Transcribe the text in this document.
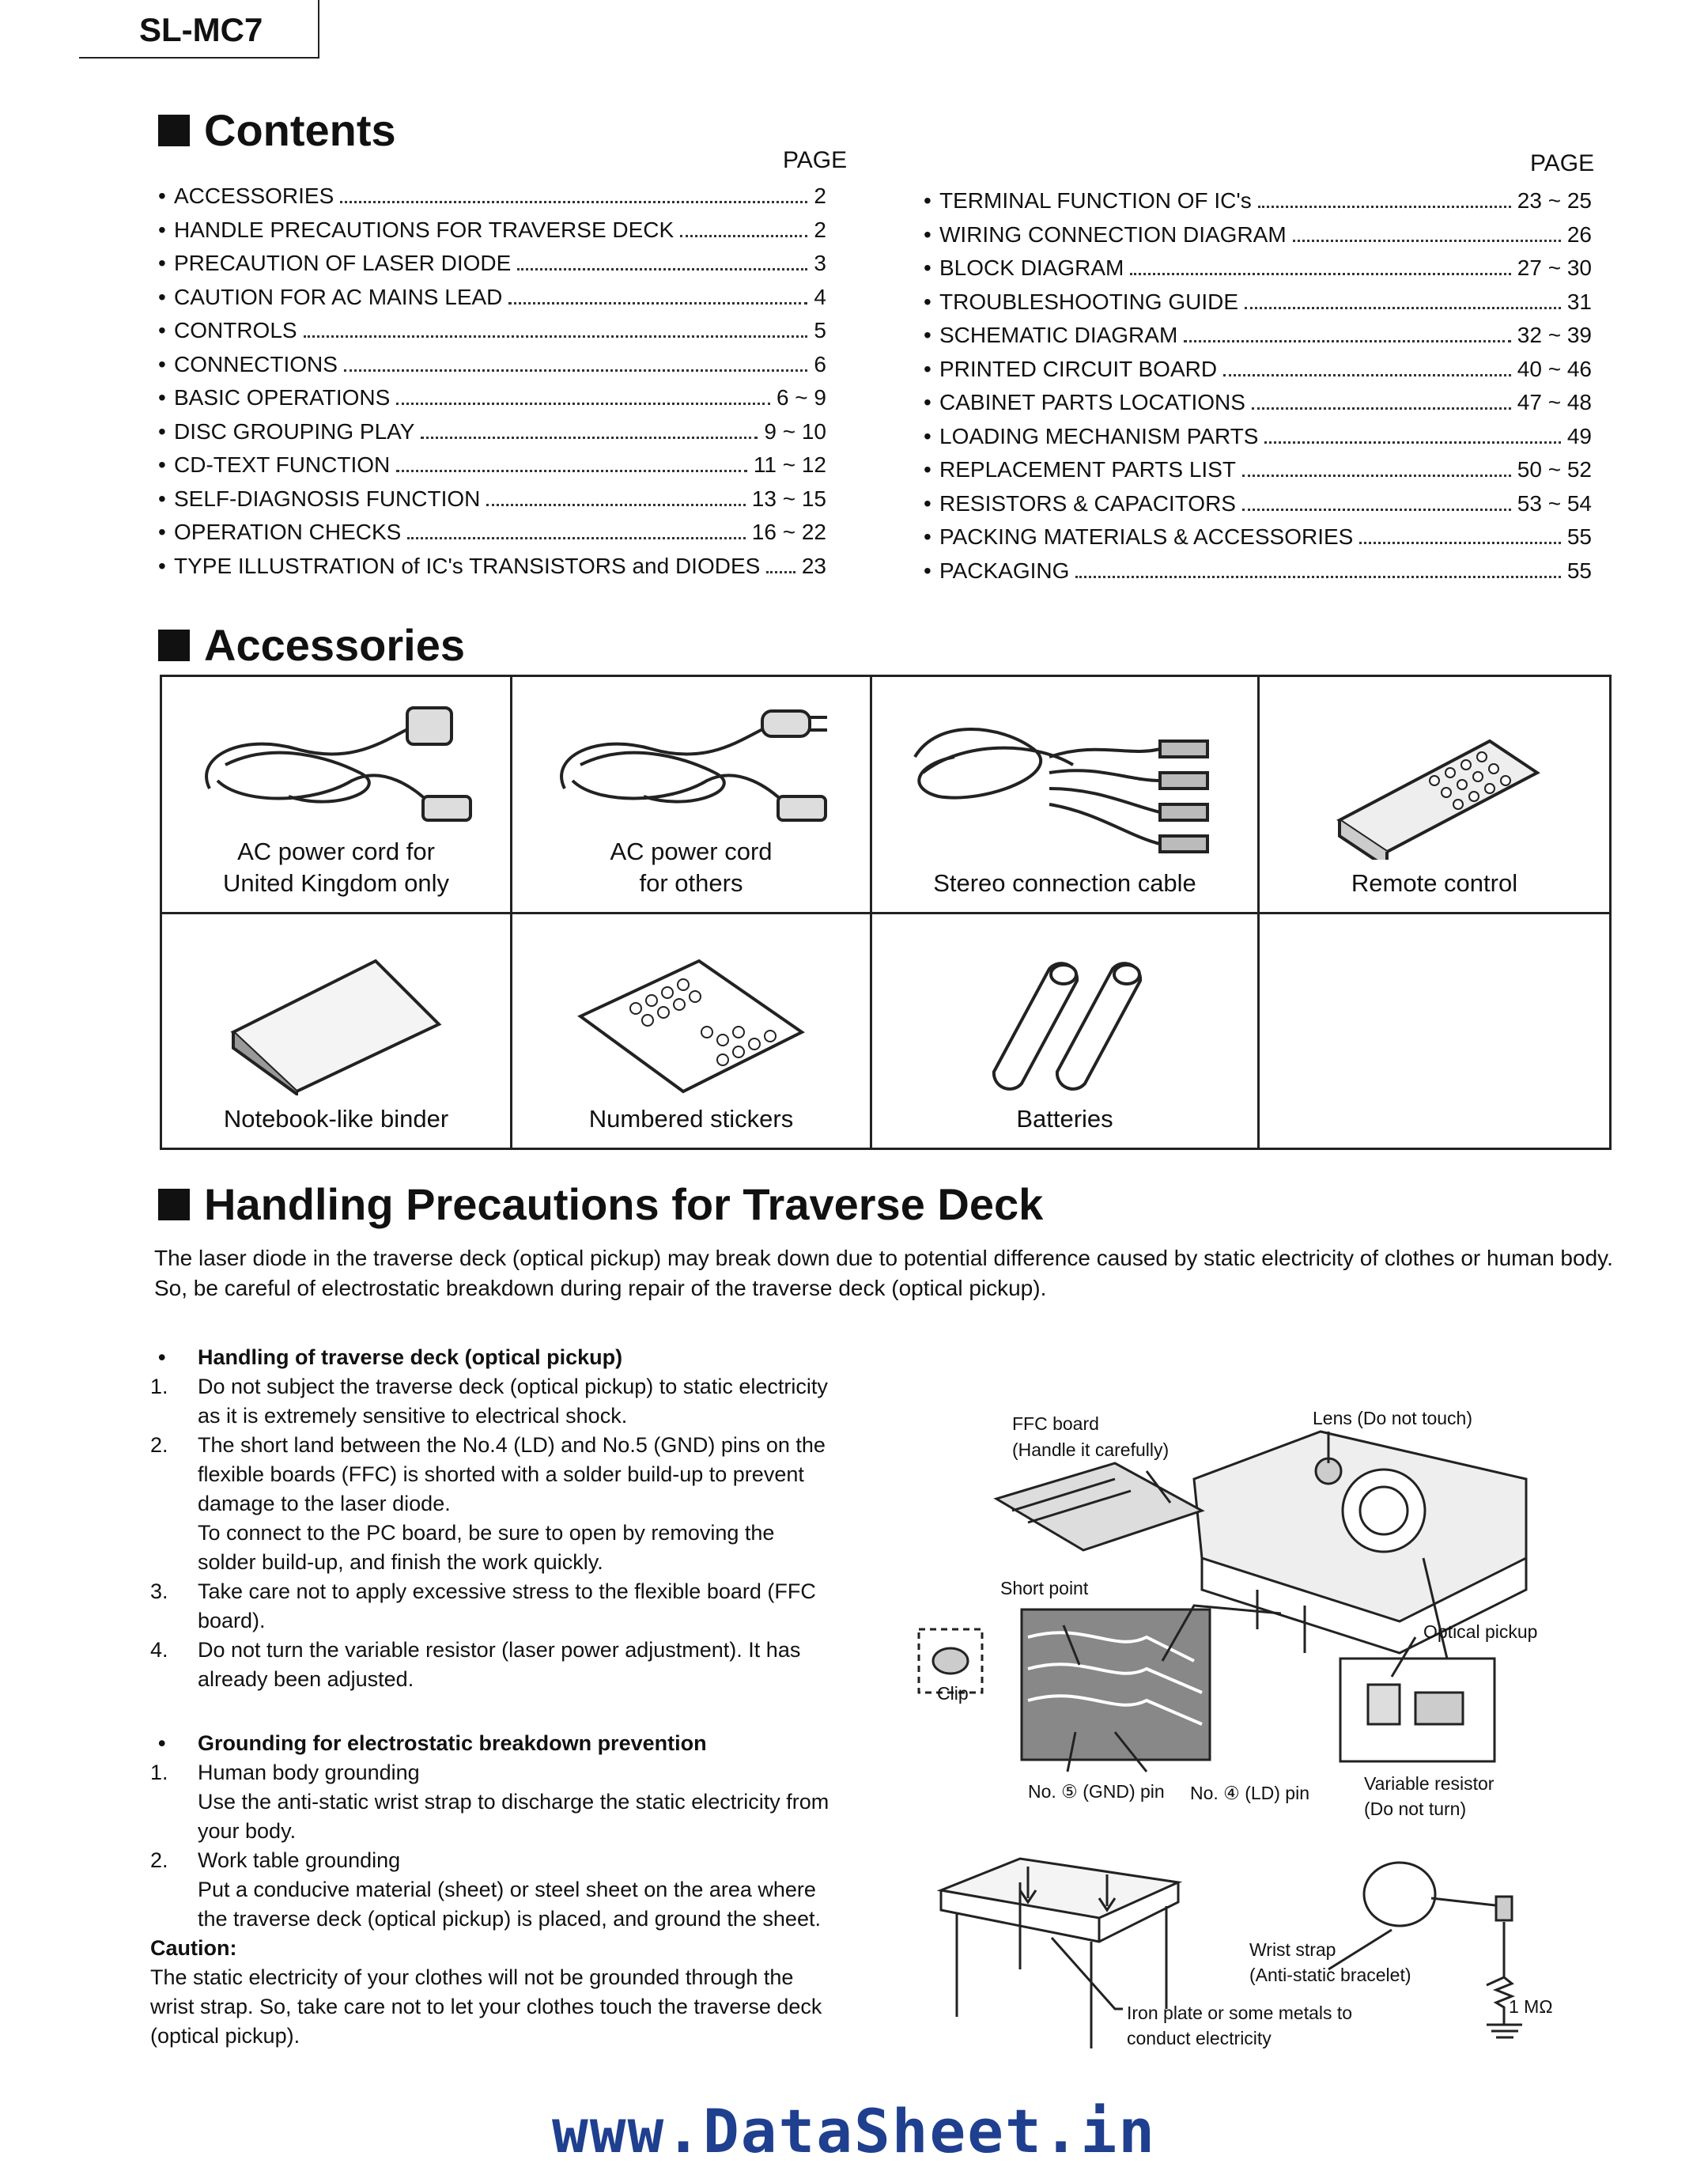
SL-MC7
Contents
PAGE	PAGE
• ACCESSORIES	2
• HANDLE PRECAUTIONS FOR TRAVERSE DECK	2
• PRECAUTION OF LASER DIODE	3
• CAUTION FOR AC MAINS LEAD	4
• CONTROLS	5
• CONNECTIONS	6
• BASIC OPERATIONS	6 ~ 9
• DISC GROUPING PLAY	9 ~ 10
• CD-TEXT FUNCTION	11 ~ 12
• SELF-DIAGNOSIS FUNCTION	13 ~ 15
• OPERATION CHECKS	16 ~ 22
• TYPE ILLUSTRATION of IC's TRANSISTORS and DIODES 23
• TERMINAL FUNCTION OF IC's	23 ~ 25
• WIRING CONNECTION DIAGRAM	26
• BLOCK DIAGRAM	27 ~ 30
• TROUBLESHOOTING GUIDE	31
• SCHEMATIC DIAGRAM	32 ~ 39
• PRINTED CIRCUIT BOARD	40 ~ 46
• CABINET PARTS LOCATIONS	47 ~ 48
• LOADING MECHANISM PARTS	49
• REPLACEMENT PARTS LIST	50 ~ 52
• RESISTORS & CAPACITORS	53 ~ 54
• PACKING MATERIALS & ACCESSORIES	55
• PACKAGING	55
Accessories
AC power cord for
United Kingdom only	AC power cord
for others	Stereo connection cable	Remote control

Notebook-like binder	Numbered stickers	Batteries	
Handling Precautions for Traverse Deck
The laser diode in the traverse deck (optical pickup) may break down due to potential difference caused by static electricity of clothes or human body.
So, be careful of electrostatic breakdown during repair of the traverse deck (optical pickup).
•	Handling of traverse deck (optical pickup)
1.	Do not subject the traverse deck (optical pickup) to static electricity as it is extremely sensitive to electrical shock.
2.	The short land between the No.4 (LD) and No.5 (GND) pins on the flexible boards (FFC) is shorted with a solder build-up to prevent damage to the laser diode.
To connect to the PC board, be sure to open by removing the solder build-up, and finish the work quickly.
3.	Take care not to apply excessive stress to the flexible board (FFC board).
4.	Do not turn the variable resistor (laser power adjustment). It has already been adjusted.
•	Grounding for electrostatic breakdown prevention
1.	Human body grounding
Use the anti-static wrist strap to discharge the static electricity from your body.
2.	Work table grounding
Put a conducive material (sheet) or steel sheet on the area where the traverse deck (optical pickup) is placed, and ground the sheet.
Caution:
The static electricity of your clothes will not be grounded through the wrist strap. So, take care not to let your clothes touch the traverse deck (optical pickup).
FFC board
(Handle it carefully)
Lens (Do not touch)
Short point
Optical pickup
Clip
No. ⑤ (GND) pin No. ④ (LD) pin	Variable resistor
(Do not turn)
Wrist strap
(Anti-static bracelet)
1 MΩ
Iron plate or some metals to
conduct electricity
www.DataSheet.in
